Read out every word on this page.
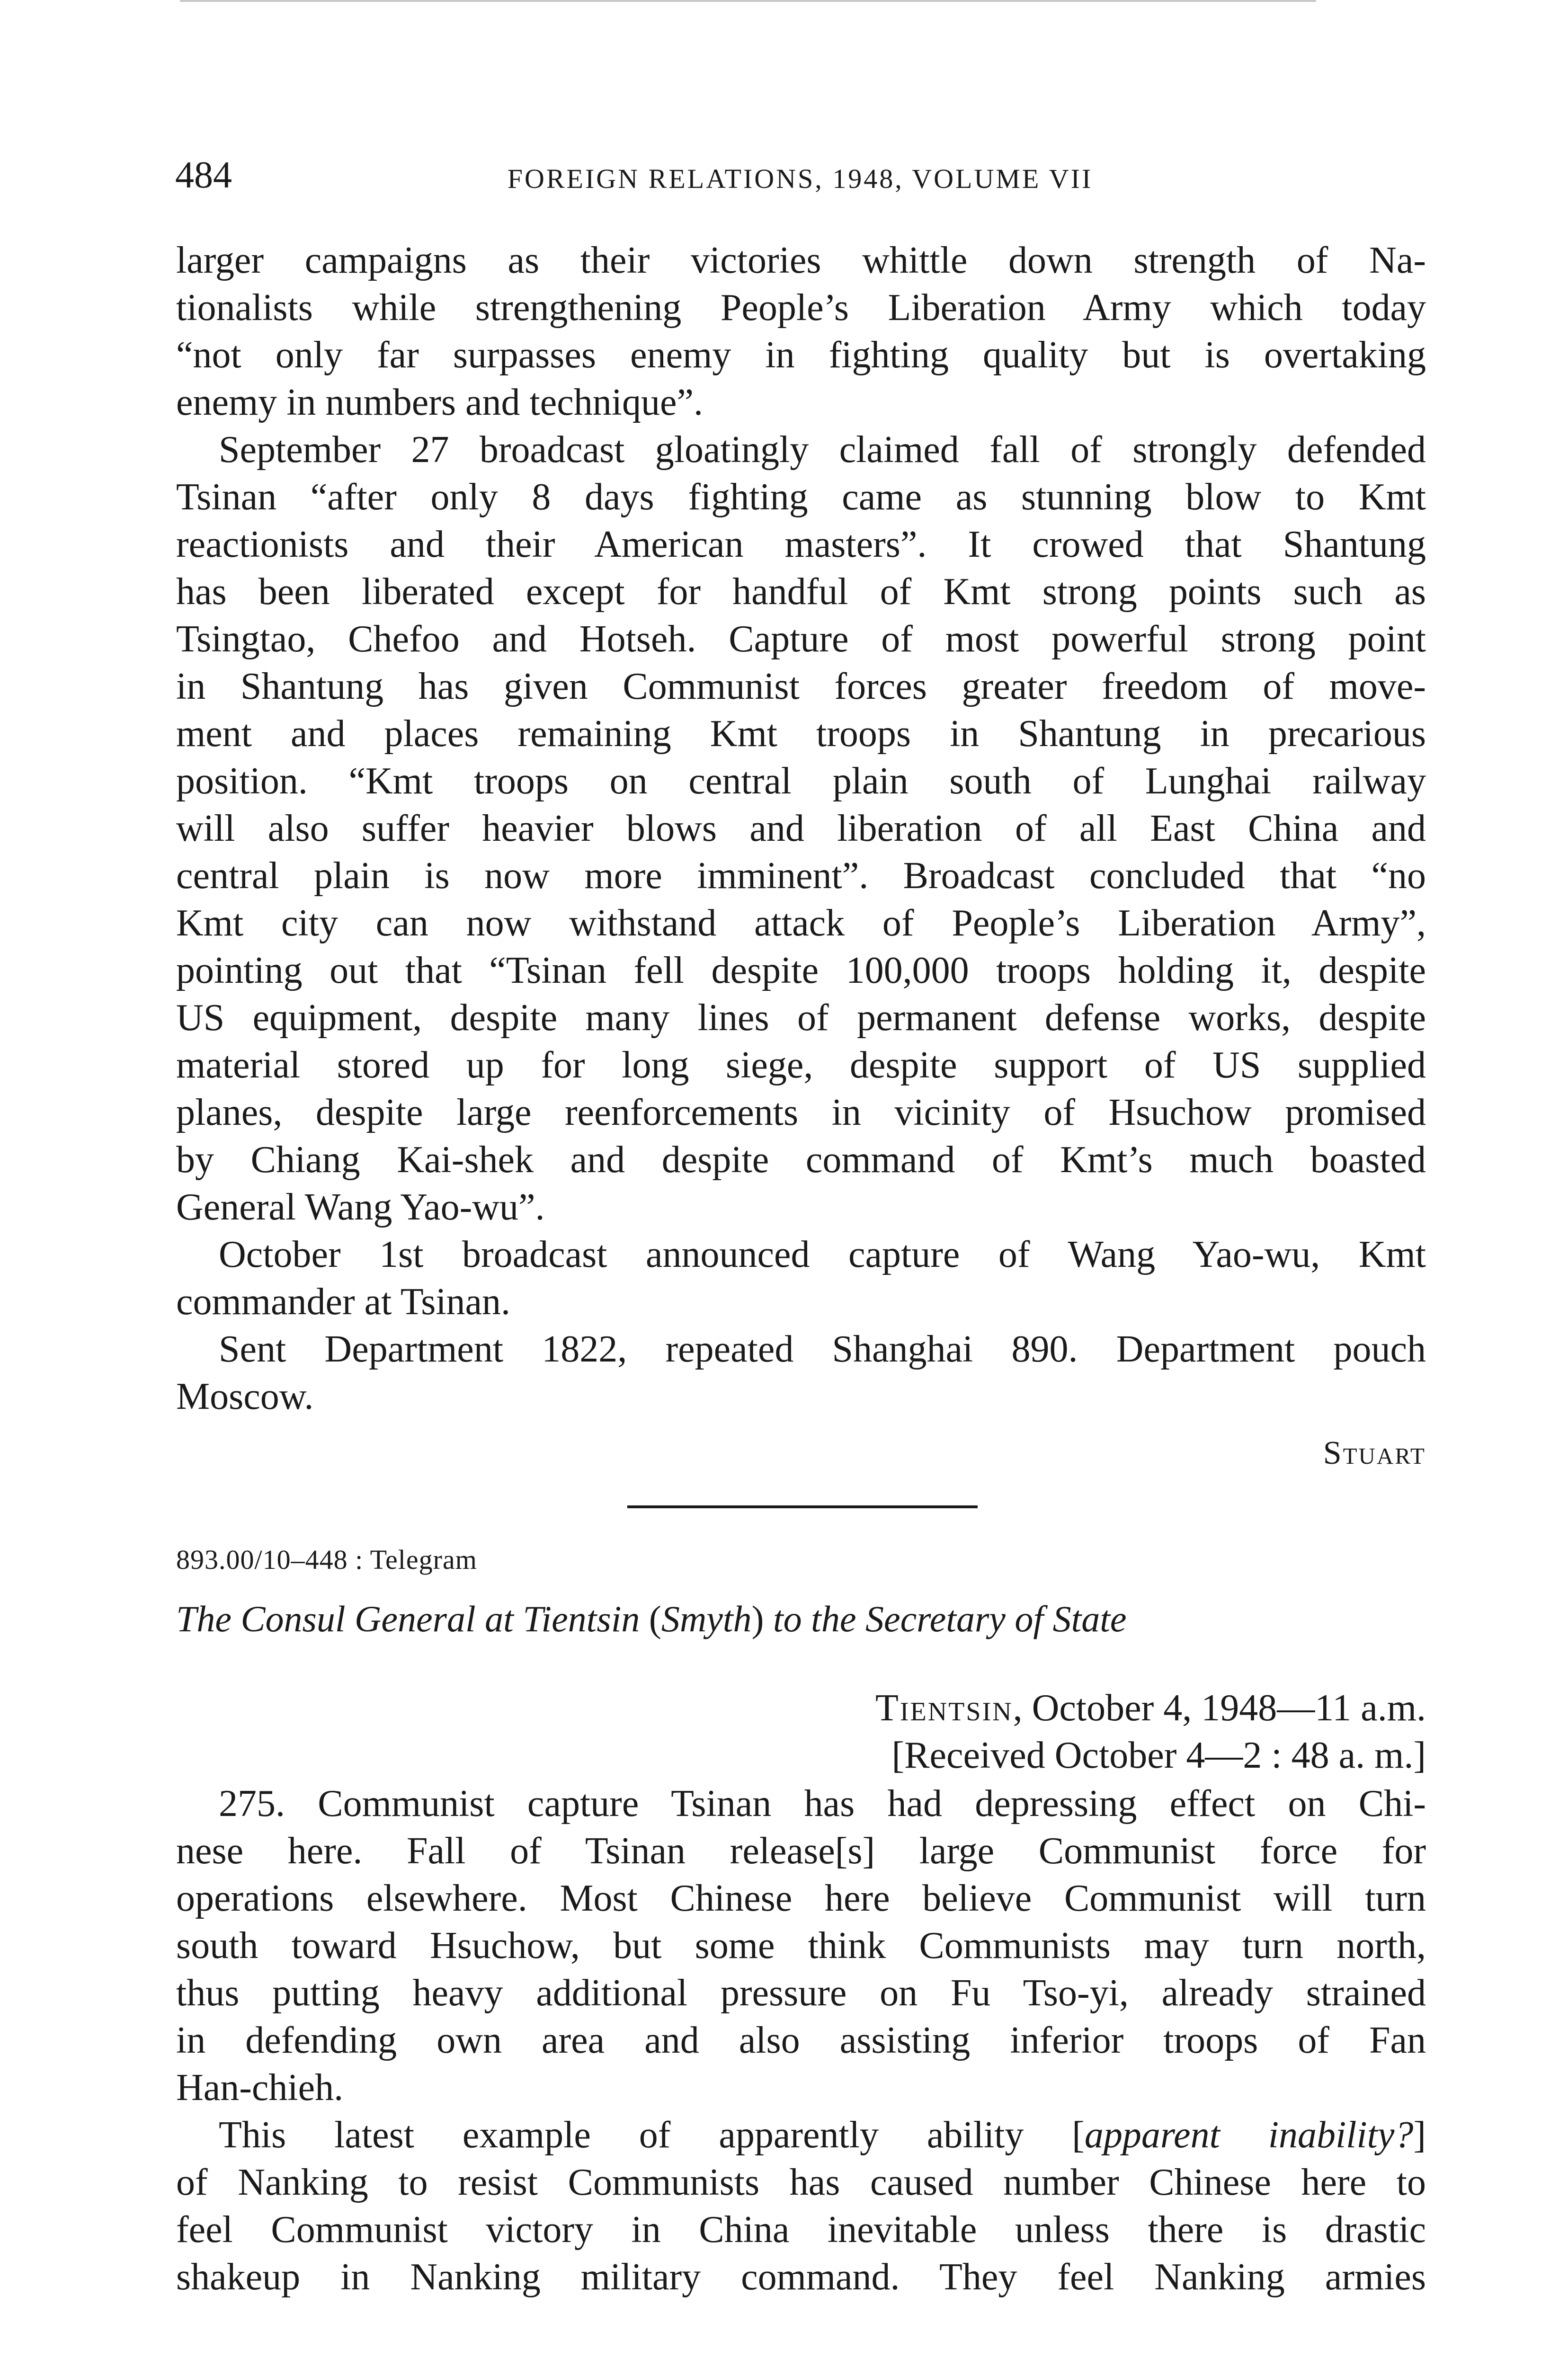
484	FOREIGN RELATIONS, 1948, VOLUME VII
larger campaigns as their victories whittle down strength of Na-
tionalists while strengthening People’s Liberation Army which today
“not only far surpasses enemy in fighting quality but is overtaking
enemy in numbers and technique”.
September 27 broadcast gloatingly claimed fall of strongly defended
Tsinan “after only 8 days fighting came as stunning blow to Kmt
reactionists and their American masters”. It crowed that Shantung
has been liberated except for handful of Kmt strong points such as
Tsingtao, Chefoo and Hotseh. Capture of most powerful strong point
in Shantung has given Communist forces greater freedom of move-
ment and places remaining Kmt troops in Shantung in precarious
position. “Kmt troops on central plain south of Lunghai railway
will also suffer heavier blows and liberation of all East China and
central plain is now more imminent”. Broadcast concluded that “no
Kmt city can now withstand attack of People’s Liberation Army”,
pointing out that “Tsinan fell despite 100,000 troops holding it, despite
US equipment, despite many lines of permanent defense works, despite
material stored up for long siege, despite support of US supplied
planes, despite large reenforcements in vicinity of Hsuchow promised
by Chiang Kai-shek and despite command of Kmt’s much boasted
General Wang Yao-wu”.
October 1st broadcast announced capture of Wang Yao-wu, Kmt
commander at Tsinan.
Sent Department 1822, repeated Shanghai 890. Department pouch
Moscow.
Stuart
893.00/10–448 : Telegram
The Consul General at Tientsin (Smyth) to the Secretary of State
Tientsin, October 4, 1948—11 a.m.
[Received October 4—2 : 48 a. m.]
275. Communist capture Tsinan has had depressing effect on Chi-
nese here. Fall of Tsinan release[s] large Communist force for
operations elsewhere. Most Chinese here believe Communist will turn
south toward Hsuchow, but some think Communists may turn north,
thus putting heavy additional pressure on Fu Tso-yi, already strained
in defending own area and also assisting inferior troops of Fan
Han-chieh.
This latest example of apparently ability [apparent inability?]
of Nanking to resist Communists has caused number Chinese here to
feel Communist victory in China inevitable unless there is drastic
shakeup in Nanking military command. They feel Nanking armies
